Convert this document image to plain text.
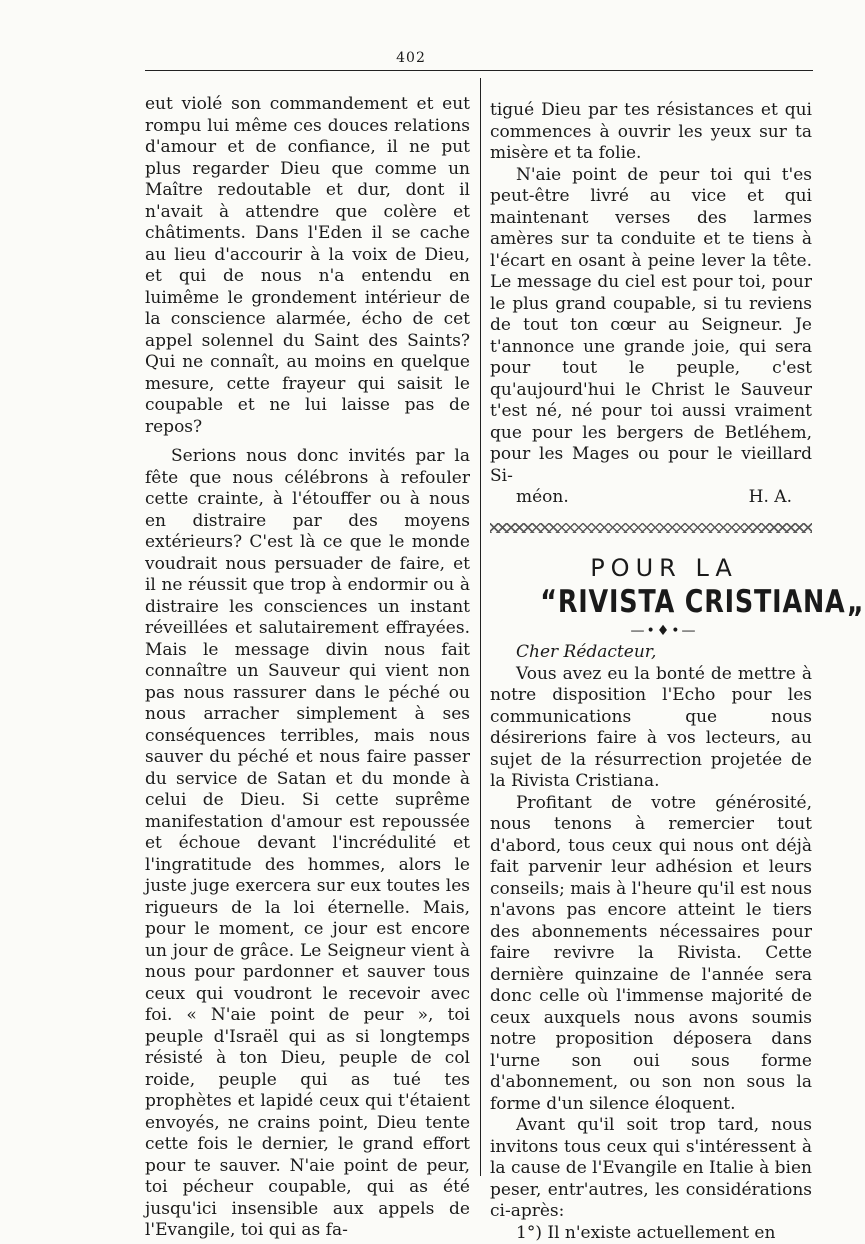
402

eut violé son commandement et eut rompu lui même ces douces relations d'amour et de confiance, il ne put plus regarder Dieu que comme un Maître redoutable et dur, dont il n'avait à attendre que colère et châtiments. Dans l'Eden il se cache au lieu d'accourir à la voix de Dieu, et qui de nous n'a entendu en luimême le grondement intérieur de la conscience alarmée, écho de cet appel solennel du Saint des Saints? Qui ne connaît, au moins en quelque mesure, cette frayeur qui saisit le coupable et ne lui laisse pas de repos?

Serions nous donc invités par la fête que nous célébrons à refouler cette crainte, à l'étouffer ou à nous en distraire par des moyens extérieurs? C'est là ce que le monde voudrait nous persuader de faire, et il ne réussit que trop à endormir ou à distraire les consciences un instant réveillées et salutairement effrayées. Mais le message divin nous fait connaître un Sauveur qui vient non pas nous rassurer dans le péché ou nous arracher simplement à ses conséquences terribles, mais nous sauver du péché et nous faire passer du service de Satan et du monde à celui de Dieu. Si cette suprême manifestation d'amour est repoussée et échoue devant l'incrédulité et l'ingratitude des hommes, alors le juste juge exercera sur eux toutes les rigueurs de la loi éternelle. Mais, pour le moment, ce jour est encore un jour de grâce. Le Seigneur vient à nous pour pardonner et sauver tous ceux qui voudront le recevoir avec foi. « N'aie point de peur », toi peuple d'Israël qui as si longtemps résisté à ton Dieu, peuple de col roide, peuple qui as tué tes prophètes et lapidé ceux qui t'étaient envoyés, ne crains point, Dieu tente cette fois le dernier, le grand effort pour te sauver. N'aie point de peur, toi pécheur coupable, qui as été jusqu'ici insensible aux appels de l'Evangile, toi qui as fa-

tigué Dieu par tes résistances et qui commences à ouvrir les yeux sur ta misère et ta folie.

N'aie point de peur toi qui t'es peut-être livré au vice et qui maintenant verses des larmes amères sur ta conduite et te tiens à l'écart en osant à peine lever la tête. Le message du ciel est pour toi, pour le plus grand coupable, si tu reviens de tout ton cœur au Seigneur. Je t'annonce une grande joie, qui sera pour tout le peuple, c'est qu'aujourd'hui le Christ le Sauveur t'est né, né pour toi aussi vraiment que pour les bergers de Betléhem, pour les Mages ou pour le vieillard Si-

méon.	H. A.

POUR LA

“RIVISTA CRISTIANA„

—•♦•—

Cher Rédacteur,

Vous avez eu la bonté de mettre à notre disposition l'Echo pour les communications que nous désirerions faire à vos lecteurs, au sujet de la résurrection projetée de la Rivista Cristiana.

Profitant de votre générosité, nous tenons à remercier tout d'abord, tous ceux qui nous ont déjà fait parvenir leur adhésion et leurs conseils; mais à l'heure qu'il est nous n'avons pas encore atteint le tiers des abonnements nécessaires pour faire revivre la Rivista. Cette dernière quinzaine de l'année sera donc celle où l'immense majorité de ceux auxquels nous avons soumis notre proposition déposera dans l'urne son oui sous forme d'abonnement, ou son non sous la forme d'un silence éloquent.

Avant qu'il soit trop tard, nous invitons tous ceux qui s'intéressent à la cause de l'Evangile en Italie à bien peser, entr'autres, les considérations ci-après:

1°) Il n'existe actuellement en
